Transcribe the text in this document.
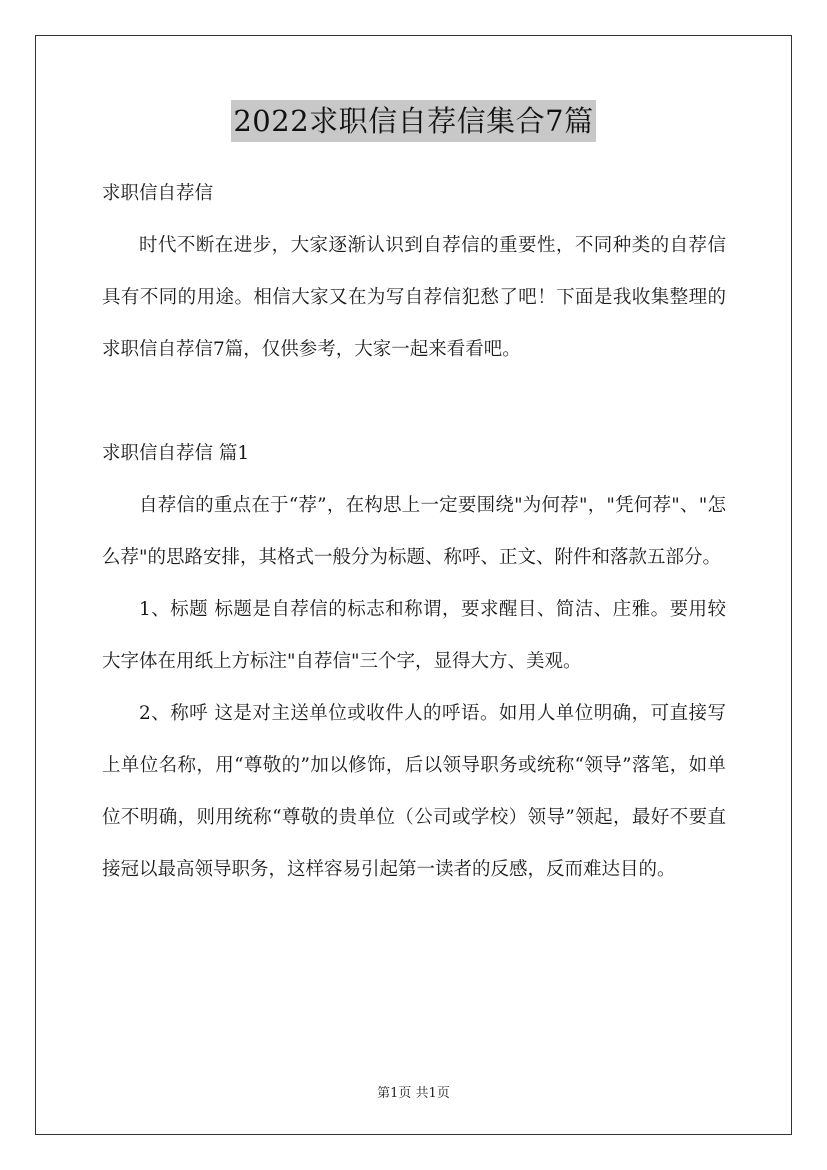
2022求职信自荐信集合7篇

求职信自荐信

时代不断在进步，大家逐渐认识到自荐信的重要性，不同种类的自荐信具有不同的用途。相信大家又在为写自荐信犯愁了吧！下面是我收集整理的求职信自荐信7篇，仅供参考，大家一起来看看吧。

求职信自荐信 篇1

自荐信的重点在于“荐”，在构思上一定要围绕"为何荐"，"凭何荐"、"怎么荐"的思路安排，其格式一般分为标题、称呼、正文、附件和落款五部分。

1、标题 标题是自荐信的标志和称谓，要求醒目、简洁、庄雅。要用较大字体在用纸上方标注"自荐信"三个字，显得大方、美观。

2、称呼 这是对主送单位或收件人的呼语。如用人单位明确，可直接写上单位名称，用“尊敬的”加以修饰，后以领导职务或统称“领导”落笔，如单位不明确，则用统称“尊敬的贵单位（公司或学校）领导”领起，最好不要直接冠以最高领导职务，这样容易引起第一读者的反感，反而难达目的。

第1页 共1页
